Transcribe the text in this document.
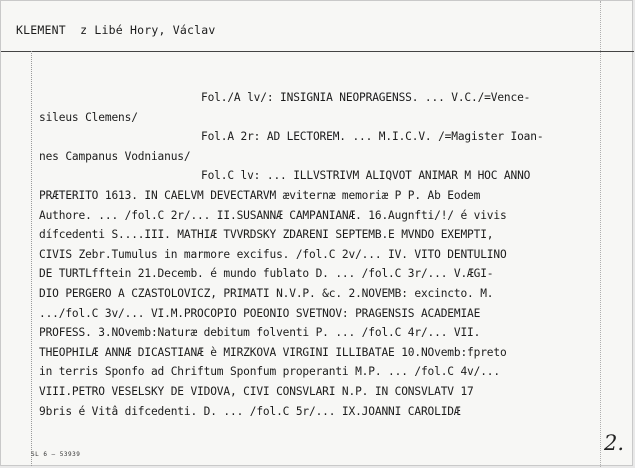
KLEMENT  z Libé Hory, Václav
Fol./A lv/: INSIGNIA NEOPRAGENSS. ... V.C./=Vence-
sileus Clemens/
Fol.A 2r: AD LECTOREM. ... M.I.C.V. /=Magister Ioan-
nes Campanus Vodnianus/
Fol.C lv: ... ILLVSTRIVM ALIQVOT ANIMAR M HOC ANNO
PRÆTERITO 1613. IN CAELVM DEVECTARVM æviternæ memoriæ P P. Ab Eodem
Authore. ... /fol.C 2r/... II.SUSANNÆ CAMPANIANÆ. 16.Augnfti/!/ é vivis
dífcedenti S....III. MATHIÆ TVVRDSKY ZDARENI SEPTEMB.E MVNDO EXEMPTI,
CIVIS Zebr.Tumulus in marmore excifus. /fol.C 2v/... IV. VITO DENTULINO
DE TURTLfftein 21.Decemb. é mundo fublato D. ... /fol.C 3r/... V.ÆGI-
DIO PERGERO A CZASTOLOVICZ, PRIMATI N.V.P. &c. 2.NOVEMB: excincto. M.
.../fol.C 3v/... VI.M.PROCOPIO POEONIO SVETNOV: PRAGENSIS ACADEMIAE
PROFESS. 3.NOvemb:Naturæ debitum folventi P. ... /fol.C 4r/... VII.
THEOPHILÆ ANNÆ DICASTIANÆ è MIRZKOVA VIRGINI ILLIBATAE 10.NOvemb:fpreto
in terris Sponfo ad Chriftum Sponfum properanti M.P. ... /fol.C 4v/...
VIII.PETRO VESELSKY DE VIDOVA, CIVI CONSVLARI N.P. IN CONSVLATV 17
9bris é Vitâ difcedenti. D. ... /fol.C 5r/... IX.JOANNI CAROLIDÆ
SL 6 — 53939	2.
